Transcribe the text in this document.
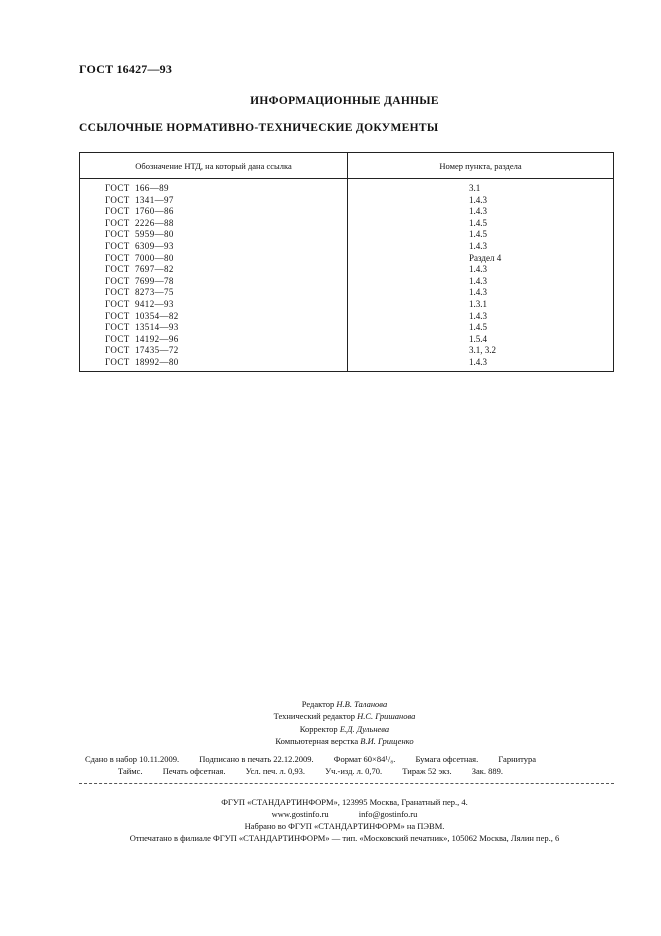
ГОСТ 16427—93
ИНФОРМАЦИОННЫЕ ДАННЫЕ
ССЫЛОЧНЫЕ НОРМАТИВНО-ТЕХНИЧЕСКИЕ ДОКУМЕНТЫ
Обозначение НТД, на который дана ссылка	Номер пункта, раздела
ГОСТ  166—89	3.1
ГОСТ  1341—97	1.4.3
ГОСТ  1760—86	1.4.3
ГОСТ  2226—88	1.4.5
ГОСТ  5959—80	1.4.5
ГОСТ  6309—93	1.4.3
ГОСТ  7000—80	Раздел 4
ГОСТ  7697—82	1.4.3
ГОСТ  7699—78	1.4.3
ГОСТ  8273—75	1.4.3
ГОСТ  9412—93	1.3.1
ГОСТ  10354—82	1.4.3
ГОСТ  13514—93	1.4.5
ГОСТ  14192—96	1.5.4
ГОСТ  17435—72	3.1, 3.2
ГОСТ  18992—80	1.4.3
Редактор Н.В. Таланова
Технический редактор Н.С. Гришанова
Корректор Е.Д. Дульнева
Компьютерная верстка В.И. Грищенко
Сдано в набор 10.11.2009. Подписано в печать 22.12.2009. Формат 60×84¹/₈. Бумага офсетная. Гарнитура
Таймс. Печать офсетная. Усл. печ. л. 0,93. Уч.-изд. л. 0,70. Тираж 52 экз. Зак. 889.
ФГУП «СТАНДАРТИНФОРМ», 123995 Москва, Гранатный пер., 4.
www.gostinfo.ru	info@gostinfo.ru
Набрано во ФГУП «СТАНДАРТИНФОРМ» на ПЭВМ.
Отпечатано в филиале ФГУП «СТАНДАРТИНФОРМ» — тип. «Московский печатник», 105062 Москва, Лялин пер., 6
